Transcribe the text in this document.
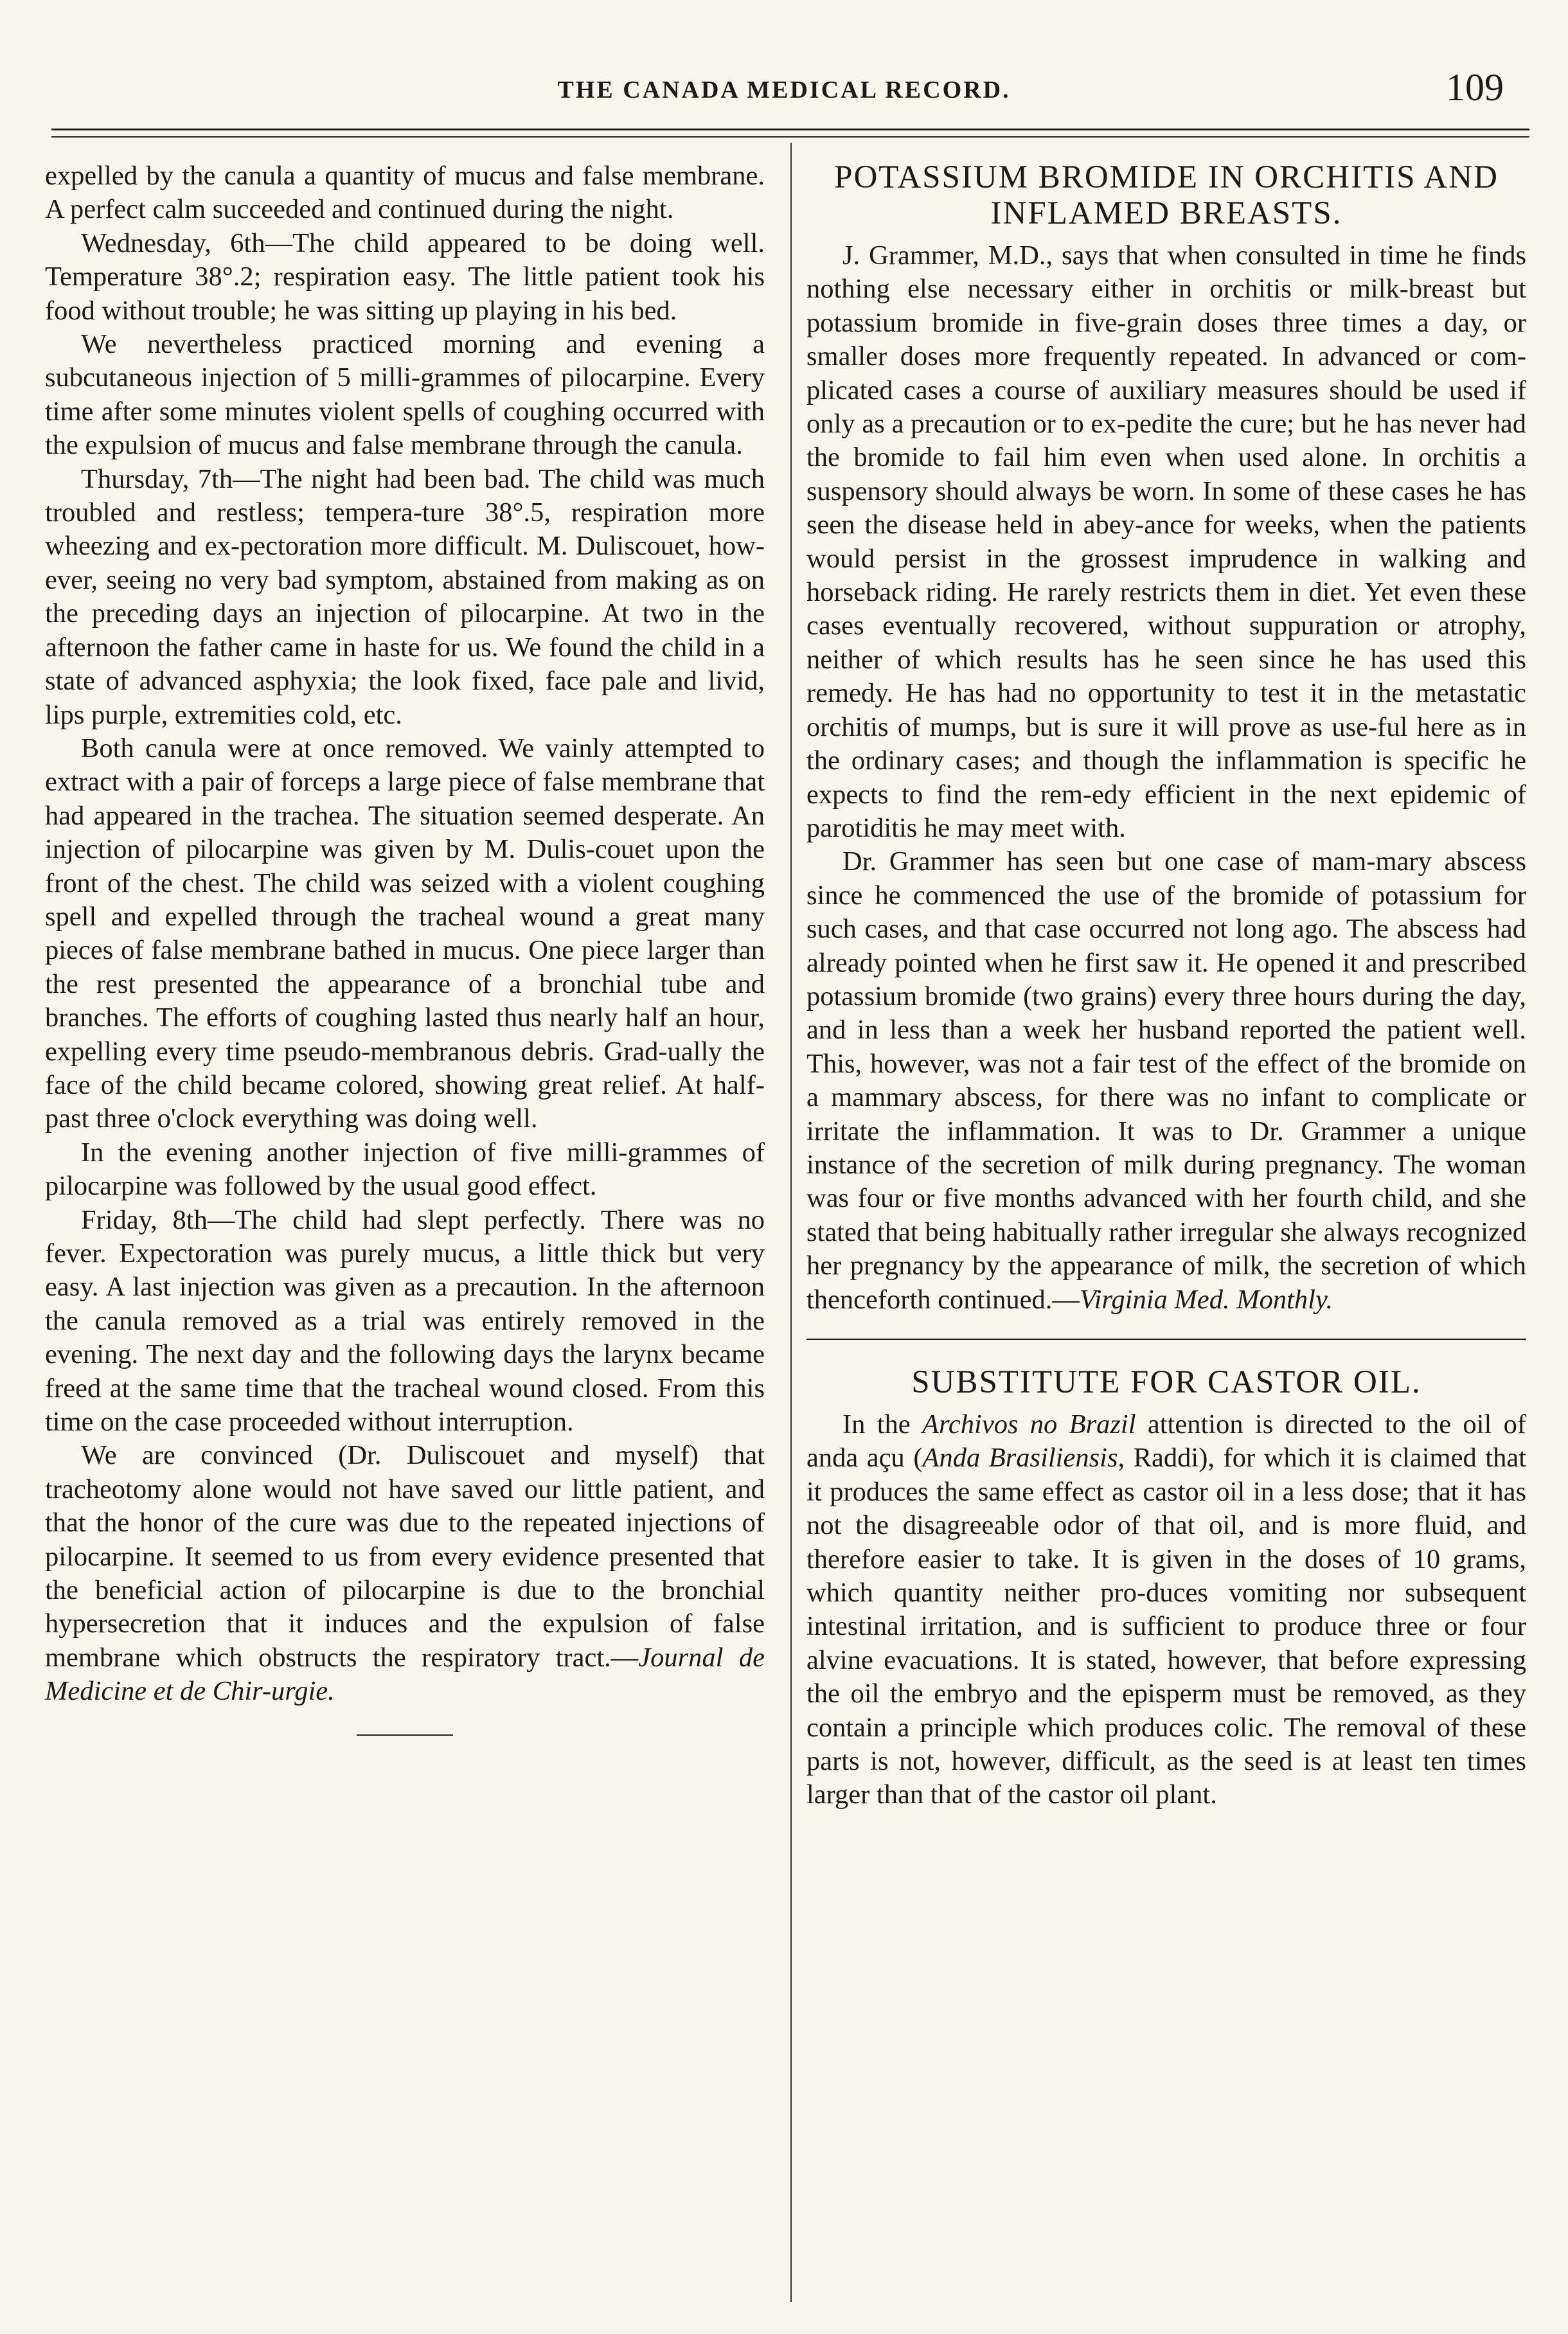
THE CANADA MEDICAL RECORD.	109

expelled by the canula a quantity of mucus and false membrane. A perfect calm succeeded and continued during the night.

Wednesday, 6th—The child appeared to be doing well. Temperature 38°.2; respiration easy. The little patient took his food without trouble; he was sitting up playing in his bed.

We nevertheless practiced morning and evening a subcutaneous injection of 5 milli-grammes of pilocarpine. Every time after some minutes violent spells of coughing occurred with the expulsion of mucus and false membrane through the canula.

Thursday, 7th—The night had been bad. The child was much troubled and restless; tempera-ture 38°.5, respiration more wheezing and ex-pectoration more difficult. M. Duliscouet, how-ever, seeing no very bad symptom, abstained from making as on the preceding days an injection of pilocarpine. At two in the afternoon the father came in haste for us. We found the child in a state of advanced asphyxia; the look fixed, face pale and livid, lips purple, extremities cold, etc.

Both canula were at once removed. We vainly attempted to extract with a pair of forceps a large piece of false membrane that had appeared in the trachea. The situation seemed desperate. An injection of pilocarpine was given by M. Dulis-couet upon the front of the chest. The child was seized with a violent coughing spell and expelled through the tracheal wound a great many pieces of false membrane bathed in mucus. One piece larger than the rest presented the appearance of a bronchial tube and branches. The efforts of coughing lasted thus nearly half an hour, expelling every time pseudo-membranous debris. Grad-ually the face of the child became colored, showing great relief. At half-past three o'clock everything was doing well.

In the evening another injection of five milli-grammes of pilocarpine was followed by the usual good effect.

Friday, 8th—The child had slept perfectly. There was no fever. Expectoration was purely mucus, a little thick but very easy. A last injection was given as a precaution. In the afternoon the canula removed as a trial was entirely removed in the evening. The next day and the following days the larynx became freed at the same time that the tracheal wound closed. From this time on the case proceeded without interruption.

We are convinced (Dr. Duliscouet and myself) that tracheotomy alone would not have saved our little patient, and that the honor of the cure was due to the repeated injections of pilocarpine. It seemed to us from every evidence presented that the beneficial action of pilocarpine is due to the bronchial hypersecretion that it induces and the expulsion of false membrane which obstructs the respiratory tract.—Journal de Medicine et de Chir-urgie.

POTASSIUM BROMIDE IN ORCHITIS AND INFLAMED BREASTS.

J. Grammer, M.D., says that when consulted in time he finds nothing else necessary either in orchitis or milk-breast but potassium bromide in five-grain doses three times a day, or smaller doses more frequently repeated. In advanced or com-plicated cases a course of auxiliary measures should be used if only as a precaution or to ex-pedite the cure; but he has never had the bromide to fail him even when used alone. In orchitis a suspensory should always be worn. In some of these cases he has seen the disease held in abey-ance for weeks, when the patients would persist in the grossest imprudence in walking and horseback riding. He rarely restricts them in diet. Yet even these cases eventually recovered, without suppuration or atrophy, neither of which results has he seen since he has used this remedy. He has had no opportunity to test it in the metastatic orchitis of mumps, but is sure it will prove as use-ful here as in the ordinary cases; and though the inflammation is specific he expects to find the rem-edy efficient in the next epidemic of parotiditis he may meet with.

Dr. Grammer has seen but one case of mam-mary abscess since he commenced the use of the bromide of potassium for such cases, and that case occurred not long ago. The abscess had already pointed when he first saw it. He opened it and prescribed potassium bromide (two grains) every three hours during the day, and in less than a week her husband reported the patient well. This, however, was not a fair test of the effect of the bromide on a mammary abscess, for there was no infant to complicate or irritate the inflammation. It was to Dr. Grammer a unique instance of the secretion of milk during pregnancy. The woman was four or five months advanced with her fourth child, and she stated that being habitually rather irregular she always recognized her pregnancy by the appearance of milk, the secretion of which thenceforth continued.—Virginia Med. Monthly.

SUBSTITUTE FOR CASTOR OIL.

In the Archivos no Brazil attention is directed to the oil of anda açu (Anda Brasiliensis, Raddi), for which it is claimed that it produces the same effect as castor oil in a less dose; that it has not the disagreeable odor of that oil, and is more fluid, and therefore easier to take. It is given in the doses of 10 grams, which quantity neither pro-duces vomiting nor subsequent intestinal irritation, and is sufficient to produce three or four alvine evacuations. It is stated, however, that before expressing the oil the embryo and the episperm must be removed, as they contain a principle which produces colic. The removal of these parts is not, however, difficult, as the seed is at least ten times larger than that of the castor oil plant.
